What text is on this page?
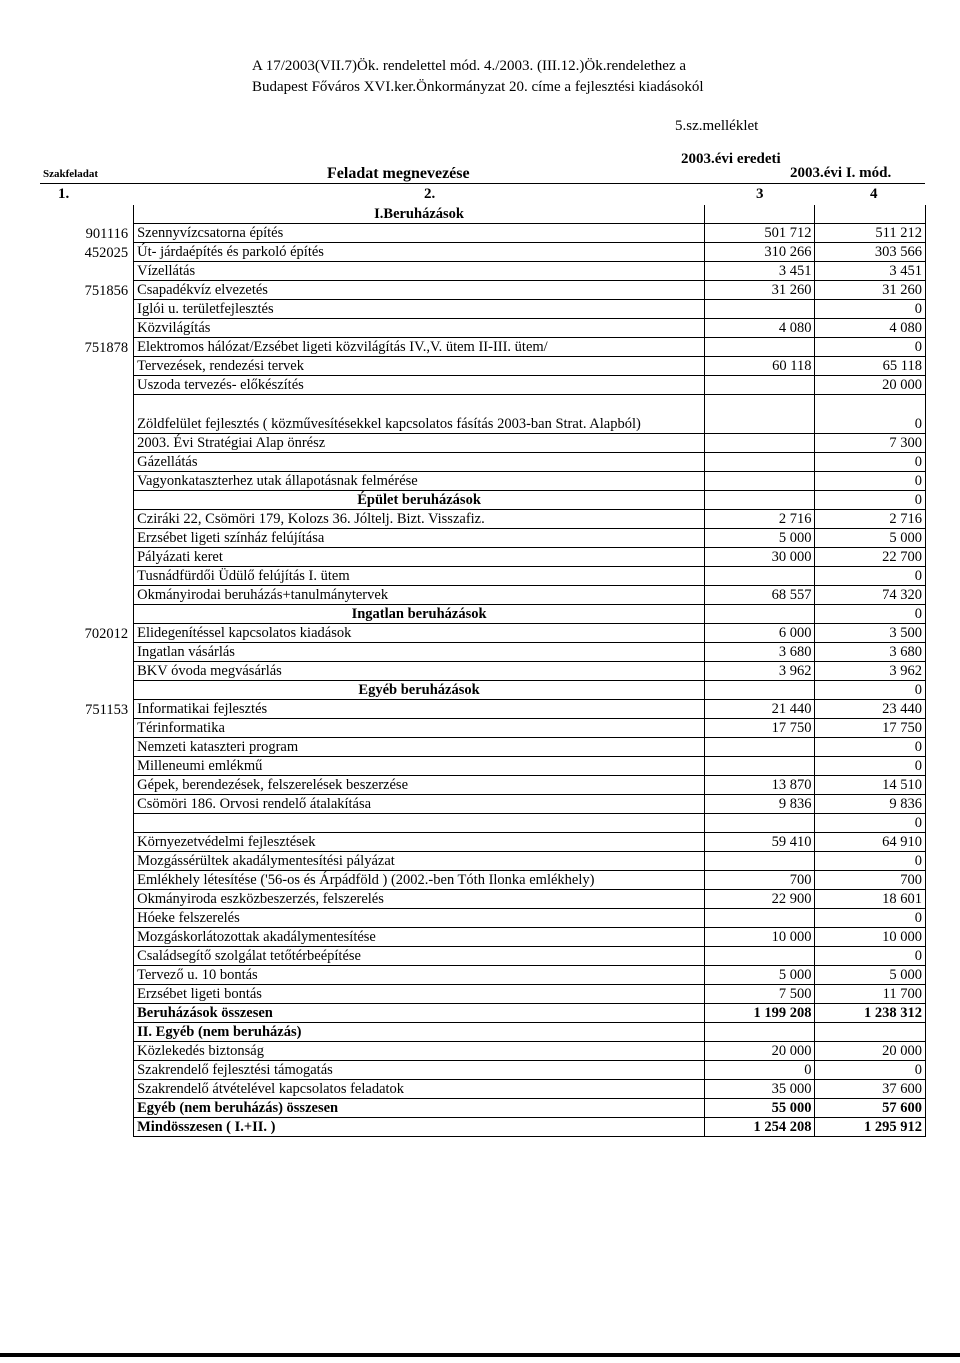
A 17/2003(VII.7)Ök. rendelettel mód. 4./2003. (III.12.)Ök.rendelethez a
Budapest Főváros XVI.ker.Önkormányzat 20. címe a fejlesztési kiadásokól
5.sz.melléklet
Szakfeladat	Feladat megnevezése
2003.évi eredeti
2003.évi I. mód.
1.	2.	3	4
	I.Beruházások		
901116	Szennyvízcsatorna építés	501 712	511 212
452025	Út- járdaépítés és parkoló építés	310 266	303 566
	Vízellátás	3 451	3 451
751856	Csapadékvíz elvezetés	31 260	31 260
	Iglói u. területfejlesztés		0
	Közvilágítás	4 080	4 080
751878	Elektromos hálózat/Ezsébet ligeti közvilágítás IV.,V. ütem II-III. ütem/		0
	Tervezések, rendezési tervek	60 118	65 118
	Uszoda tervezés- előkészítés		20 000
	Zöldfelület fejlesztés ( közművesítésekkel kapcsolatos fásítás 2003-ban Strat. Alapból)		0
	2003. Évi Stratégiai Alap önrész		7 300
	Gázellátás		0
	Vagyonkataszterhez utak állapotásnak felmérése		0
	Épület beruházások		0
	Cziráki 22, Csömöri 179, Kolozs 36. Jóltelj. Bizt. Visszafiz.	2 716	2 716
	Erzsébet ligeti színház felújítása	5 000	5 000
	Pályázati keret	30 000	22 700
	Tusnádfürdői Üdülő felújítás I. ütem		0
	Okmányirodai beruházás+tanulmánytervek	68 557	74 320
	Ingatlan beruházások		0
702012	Elidegenítéssel kapcsolatos kiadások	6 000	3 500
	Ingatlan vásárlás	3 680	3 680
	BKV óvoda megvásárlás	3 962	3 962
	Egyéb beruházások		0
751153	Informatikai fejlesztés	21 440	23 440
	Térinformatika	17 750	17 750
	Nemzeti kataszteri program		0
	Milleneumi emlékmű		0
	Gépek, berendezések, felszerelések beszerzése	13 870	14 510
	Csömöri 186. Orvosi rendelő átalakítása	9 836	9 836
			0
	Környezetvédelmi fejlesztések	59 410	64 910
	Mozgássérültek akadálymentesítési pályázat		0
	Emlékhely létesítése ('56-os és Árpádföld ) (2002.-ben Tóth Ilonka emlékhely)	700	700
	Okmányiroda eszközbeszerzés, felszerelés	22 900	18 601
	Hóeke felszerelés		0
	Mozgáskorlátozottak akadálymentesítése	10 000	10 000
	Családsegítő szolgálat tetőtérbeépítése		0
	Tervező u. 10 bontás	5 000	5 000
	Erzsébet ligeti bontás	7 500	11 700
	Beruházások összesen	1 199 208	1 238 312
	II. Egyéb (nem beruházás)		
	Közlekedés biztonság	20 000	20 000
	Szakrendelő fejlesztési támogatás	0	0
	Szakrendelő átvételével kapcsolatos feladatok	35 000	37 600
	Egyéb (nem beruházás) összesen	55 000	57 600
	Mindösszesen ( I.+II. )	1 254 208	1 295 912
